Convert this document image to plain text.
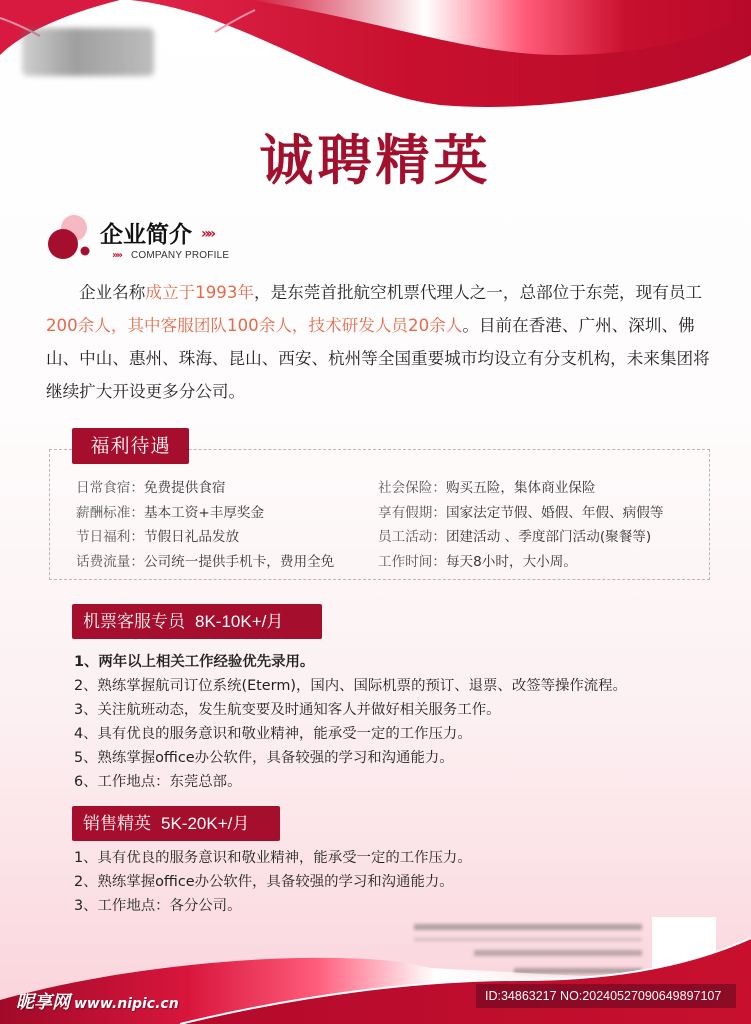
诚聘精英
企业简介 »»
»» COMPANY PROFILE

企业名称成立于1993年，是东莞首批航空机票代理人之一，总部位于东莞，现有员工200余人，其中客服团队100余人，技术研发人员20余人。目前在香港、广州、深圳、佛山、中山、惠州、珠海、昆山、西安、杭州等全国重要城市均设立有分支机构，未来集团将继续扩大开设更多分公司。

福利待遇
日常食宿：免费提供食宿	社会保险：购买五险，集体商业保险
薪酬标准：基本工资+丰厚奖金	享有假期：国家法定节假、婚假、年假、病假等
节日福利：节假日礼品发放	员工活动：团建活动 、季度部门活动(聚餐等)
话费流量：公司统一提供手机卡，费用全免	工作时间：每天8小时，大小周。
机票客服专员 8K-10K+/月
1、两年以上相关工作经验优先录用。
2、熟练掌握航司订位系统(Eterm)，国内、国际机票的预订、退票、改签等操作流程。
3、关注航班动态，发生航变要及时通知客人并做好相关服务工作。
4、具有优良的服务意识和敬业精神，能承受一定的工作压力。
5、熟练掌握office办公软件，具备较强的学习和沟通能力。
6、工作地点：东莞总部。
销售精英 5K-20K+/月
1、具有优良的服务意识和敬业精神，能承受一定的工作压力。
2、熟练掌握office办公软件，具备较强的学习和沟通能力。
3、工作地点：各分公司。
昵享网 www.nipic.cn	ID:34863217 NO:20240527090649897107
